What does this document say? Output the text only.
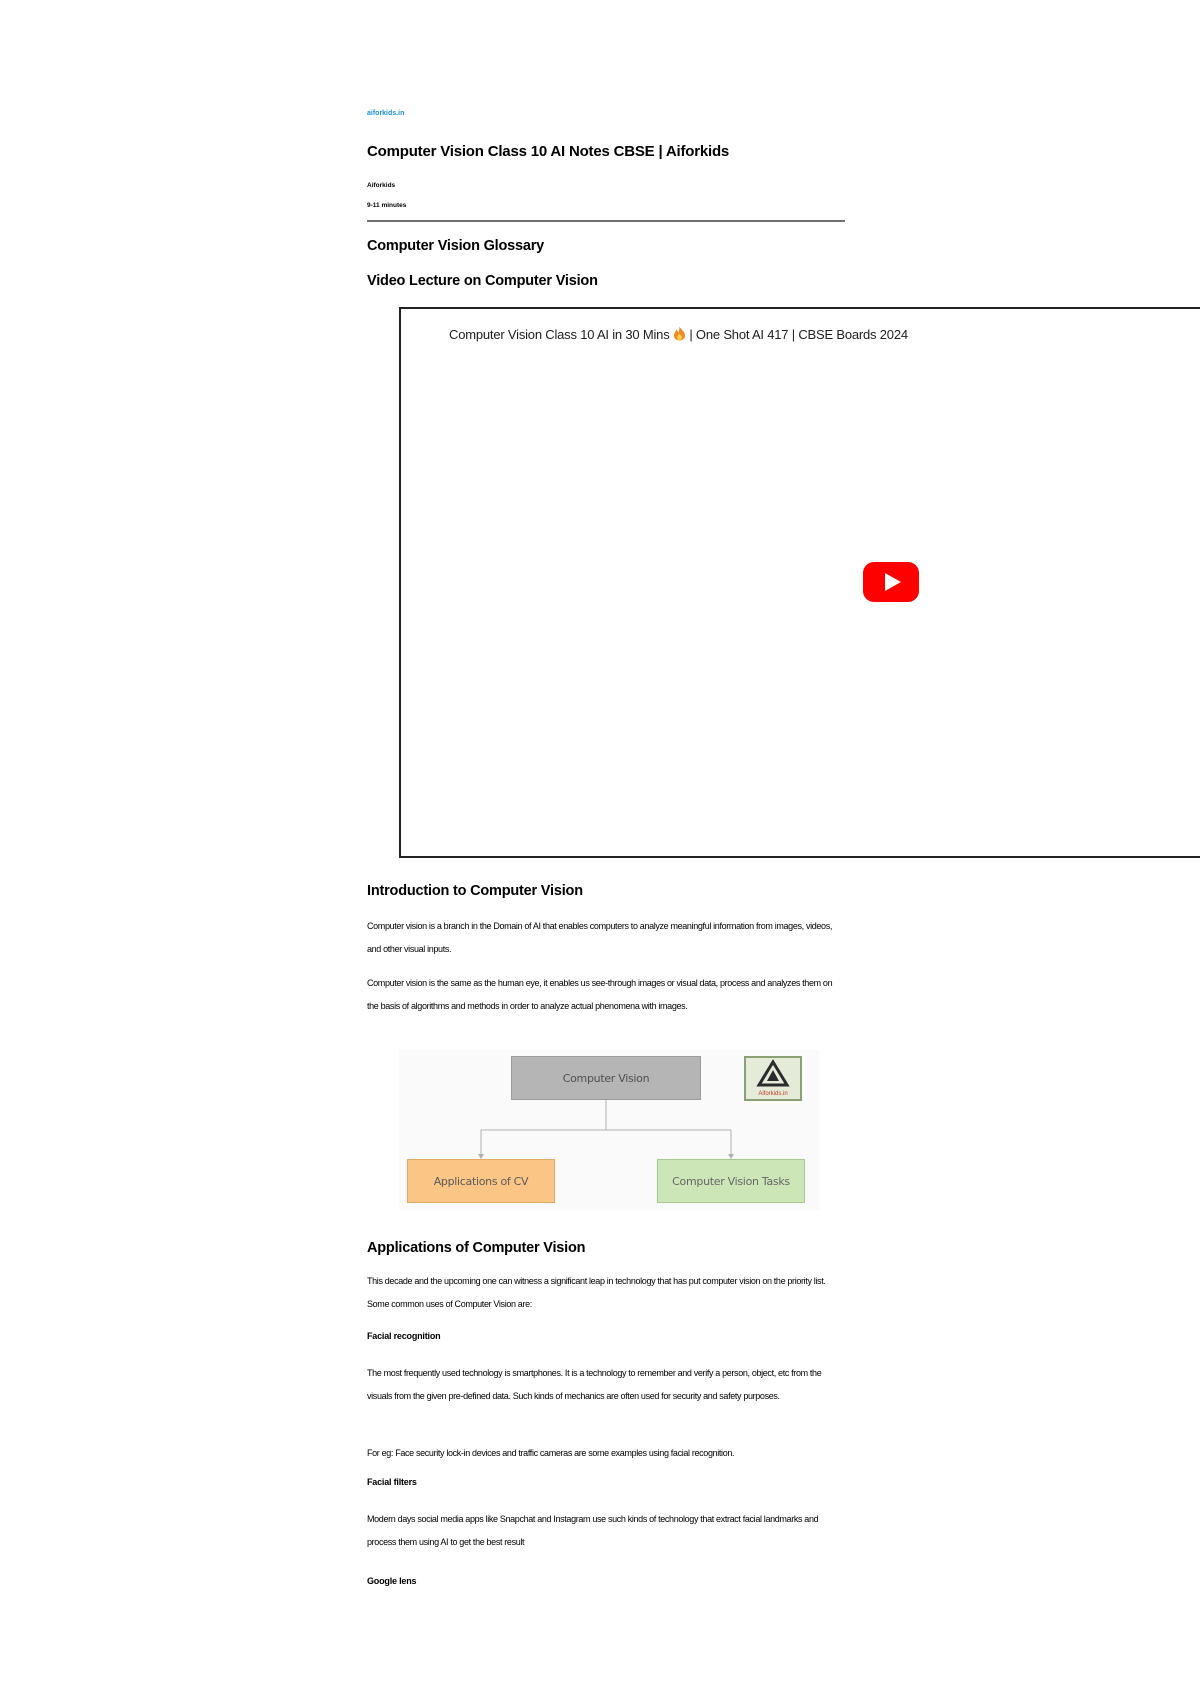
aiforkids.in
Computer Vision Class 10 AI Notes CBSE | Aiforkids
Aiforkids
9-11 minutes
Computer Vision Glossary
Video Lecture on Computer Vision
Computer Vision Class 10 AI in 30 Mins | One Shot AI 417 | CBSE Boards 2024
Introduction to Computer Vision

Computer vision is a branch in the Domain of AI that enables computers to analyze meaningful information from images, videos, and other visual inputs.

Computer vision is the same as the human eye, it enables us see-through images or visual data, process and analyzes them on the basis of algorithms and methods in order to analyze actual phenomena with images.

Computer Vision
Applications of CV	Computer Vision Tasks
Aiforkids.in
Applications of Computer Vision

This decade and the upcoming one can witness a significant leap in technology that has put computer vision on the priority list. Some common uses of Computer Vision are:

Facial recognition

The most frequently used technology is smartphones. It is a technology to remember and verify a person, object, etc from the visuals from the given pre-defined data. Such kinds of mechanics are often used for security and safety purposes.

For eg: Face security lock-in devices and traffic cameras are some examples using facial recognition.

Facial filters

Modern days social media apps like Snapchat and Instagram use such kinds of technology that extract facial landmarks and process them using AI to get the best result

Google lens
